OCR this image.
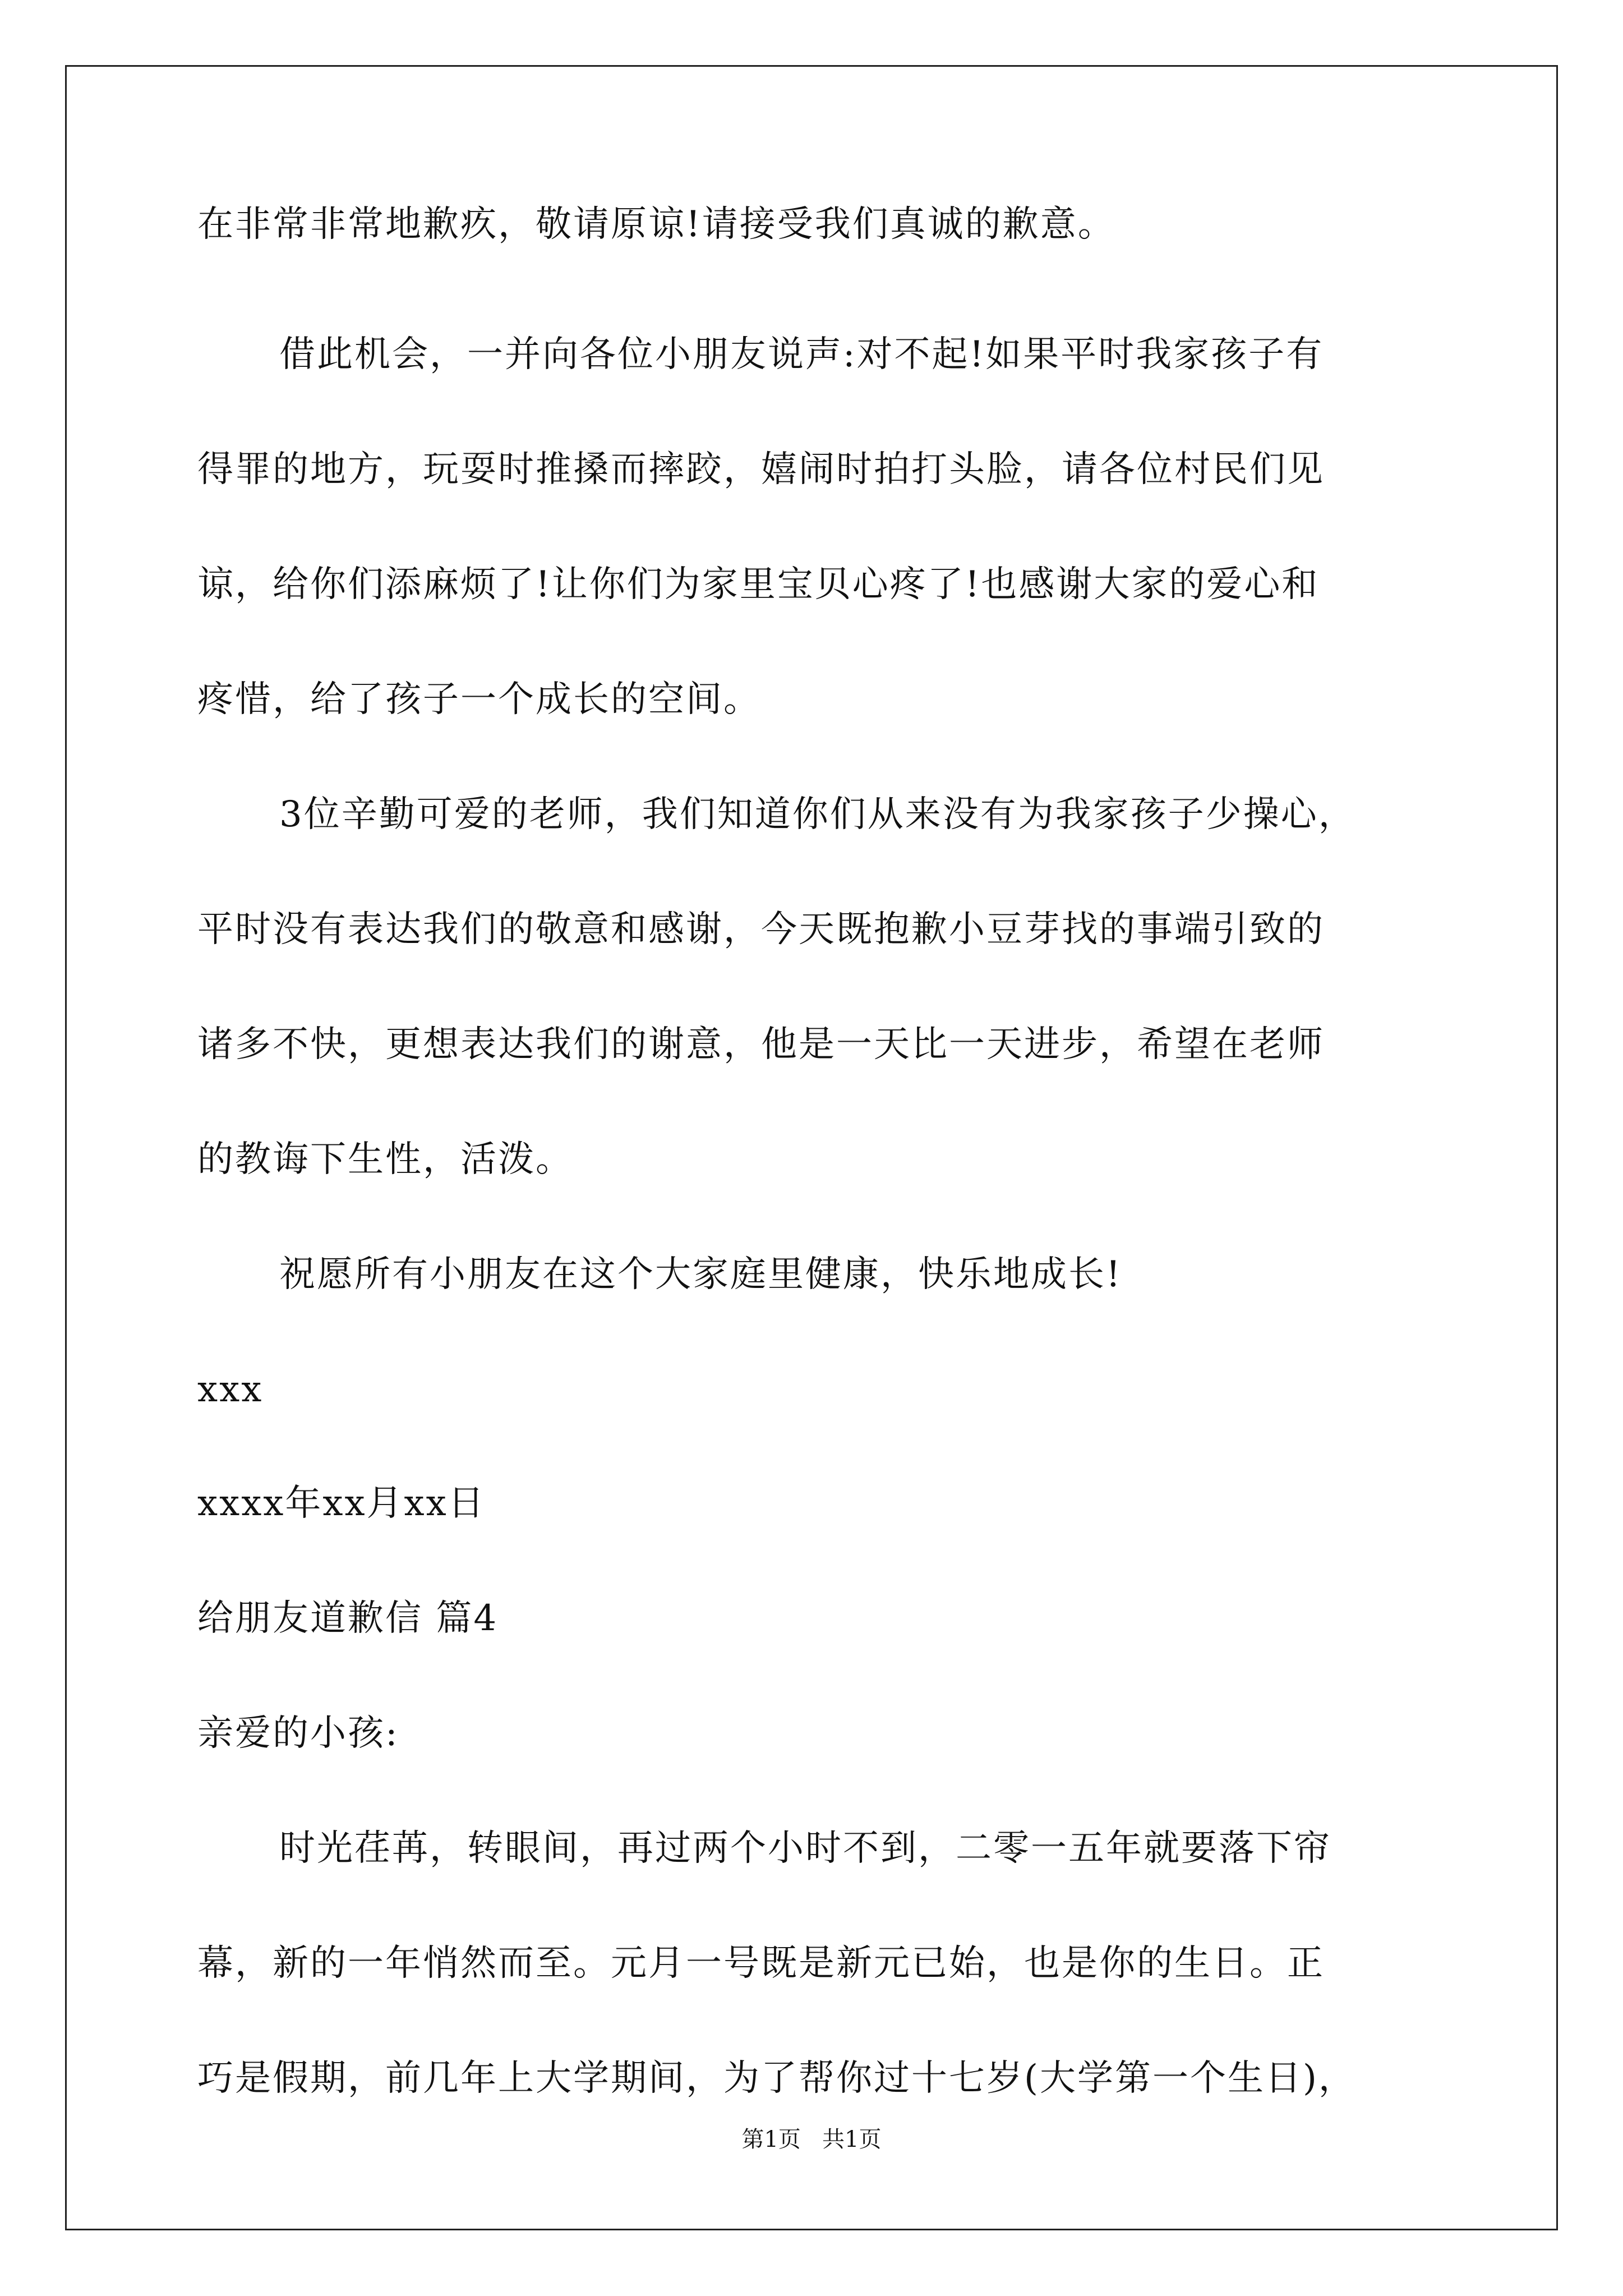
在非常非常地歉疚，敬请原谅!请接受我们真诚的歉意。
借此机会，一并向各位小朋友说声:对不起!如果平时我家孩子有
得罪的地方，玩耍时推搡而摔跤，嬉闹时拍打头脸，请各位村民们见
谅，给你们添麻烦了!让你们为家里宝贝心疼了!也感谢大家的爱心和
疼惜，给了孩子一个成长的空间。
3位辛勤可爱的老师，我们知道你们从来没有为我家孩子少操心，
平时没有表达我们的敬意和感谢，今天既抱歉小豆芽找的事端引致的
诸多不快，更想表达我们的谢意，他是一天比一天进步，希望在老师
的教诲下生性，活泼。
祝愿所有小朋友在这个大家庭里健康，快乐地成长!
xxx
xxxx年xx月xx日
给朋友道歉信 篇4
亲爱的小孩:
时光荏苒，转眼间，再过两个小时不到，二零一五年就要落下帘
幕，新的一年悄然而至。元月一号既是新元已始，也是你的生日。正
巧是假期，前几年上大学期间，为了帮你过十七岁(大学第一个生日)，
第1页   共1页
